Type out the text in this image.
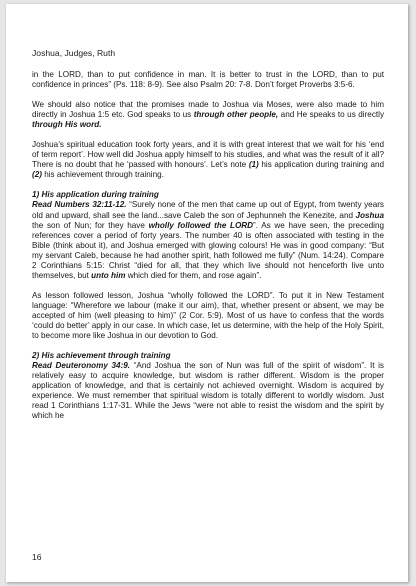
Joshua, Judges, Ruth

in the LORD, than to put confidence in man. It is better to trust in the LORD, than to put confidence in princes” (Ps. 118: 8-9). See also Psalm 20: 7-8. Don’t forget Proverbs 3:5-6.

We should also notice that the promises made to Joshua via Moses, were also made to him directly in Joshua 1:5 etc. God speaks to us through other people, and He speaks to us directly through His word.

Joshua’s spiritual education took forty years, and it is with great interest that we wait for his ‘end of term report’. How well did Joshua apply himself to his studies, and what was the result of it all? There is no doubt that he ‘passed with honours’. Let’s note (1) his application during training and (2) his achievement through training.

1) His application during training

Read Numbers 32:11-12. “Surely none of the men that came up out of Egypt, from twenty years old and upward, shall see the land...save Caleb the son of Jephunneh the Kenezite, and Joshua the son of Nun; for they have wholly followed the LORD”. As we have seen, the preceding references cover a period of forty years. The number 40 is often associated with testing in the Bible (think about it), and Joshua emerged with glowing colours! He was in good company: “But my servant Caleb, because he had another spirit, hath followed me fully” (Num. 14:24). Compare 2 Corinthians 5:15: Christ “died for all, that they which live should not henceforth live unto themselves, but unto him which died for them, and rose again”.

As lesson followed lesson, Joshua “wholly followed the LORD”. To put it in New Testament language: “Wherefore we labour (make it our aim), that, whether present or absent, we may be accepted of him (well pleasing to him)” (2 Cor. 5:9). Most of us have to confess that the words ‘could do better’ apply in our case. In which case, let us determine, with the help of the Holy Spirit, to become more like Joshua in our devotion to God.

2) His achievement through training

Read Deuteronomy 34:9. “And Joshua the son of Nun was full of the spirit of wisdom”. It is relatively easy to acquire knowledge, but wisdom is rather different. Wisdom is the proper application of knowledge, and that is certainly not achieved overnight. Wisdom is acquired by experience. We must remember that spiritual wisdom is totally different to worldly wisdom. Just read 1 Corinthians 1:17-31. While the Jews “were not able to resist the wisdom and the spirit by which he

16
